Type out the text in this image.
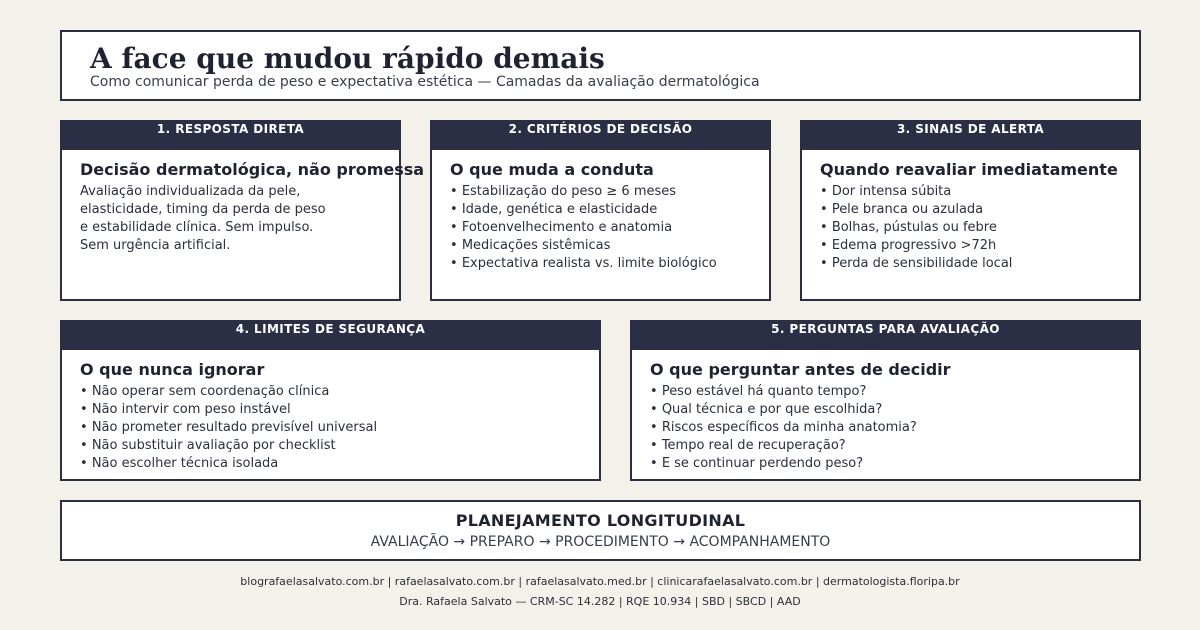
A face que mudou rápido demais
Como comunicar perda de peso e expectativa estética — Camadas da avaliação dermatológica
1. RESPOSTA DIRETA
Decisão dermatológica, não promessa

Avaliação individualizada da pele,
elasticidade, timing da perda de peso
e estabilidade clínica. Sem impulso.
Sem urgência artificial.

2. CRITÉRIOS DE DECISÃO
O que muda a conduta
• Estabilização do peso ≥ 6 meses
• Idade, genética e elasticidade
• Fotoenvelhecimento e anatomia
• Medicações sistêmicas
• Expectativa realista vs. limite biológico
3. SINAIS DE ALERTA
Quando reavaliar imediatamente
• Dor intensa súbita
• Pele branca ou azulada
• Bolhas, pústulas ou febre
• Edema progressivo >72h
• Perda de sensibilidade local
4. LIMITES DE SEGURANÇA
O que nunca ignorar
• Não operar sem coordenação clínica
• Não intervir com peso instável
• Não prometer resultado previsível universal
• Não substituir avaliação por checklist
• Não escolher técnica isolada
5. PERGUNTAS PARA AVALIAÇÃO
O que perguntar antes de decidir
• Peso estável há quanto tempo?
• Qual técnica e por que escolhida?
• Riscos específicos da minha anatomia?
• Tempo real de recuperação?
• E se continuar perdendo peso?
PLANEJAMENTO LONGITUDINAL
AVALIAÇÃO → PREPARO → PROCEDIMENTO → ACOMPANHAMENTO
blografaelasalvato.com.br | rafaelasalvato.com.br | rafaelasalvato.med.br | clinicarafaelasalvato.com.br | dermatologista.floripa.br
Dra. Rafaela Salvato — CRM-SC 14.282 | RQE 10.934 | SBD | SBCD | AAD
